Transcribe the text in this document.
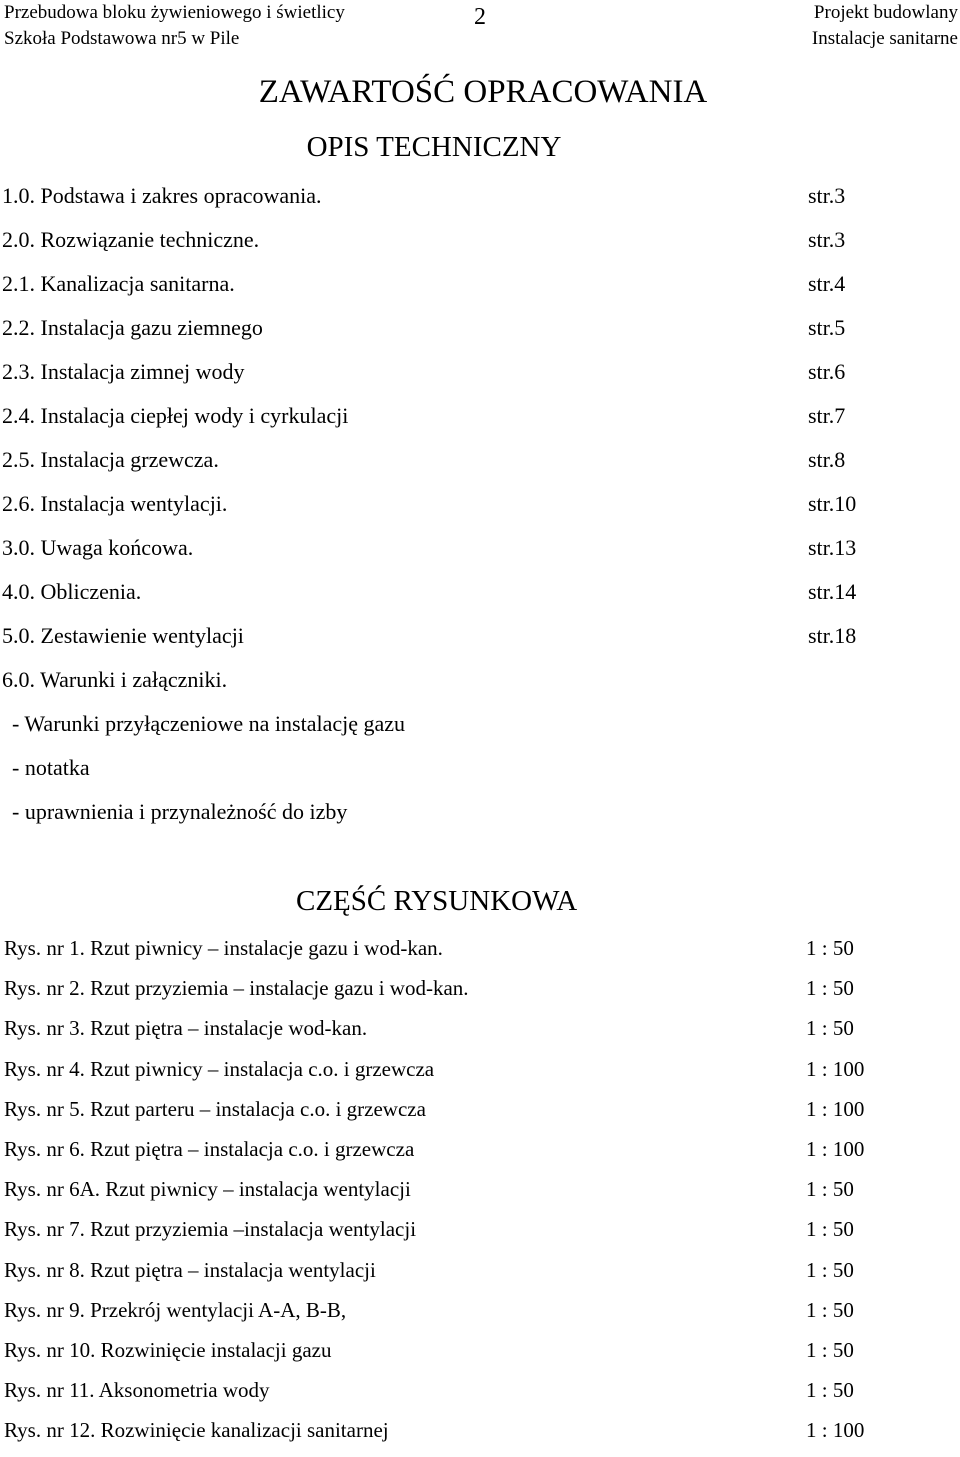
Przebudowa bloku żywieniowego i świetlicy
Szkoła Podstawowa nr5 w Pile
2	Projekt budowlany
Instalacje sanitarne
ZAWARTOŚĆ OPRACOWANIA
OPIS TECHNICZNY
1.0. Podstawa i zakres opracowania.	str.3
2.0. Rozwiązanie techniczne.	str.3
2.1. Kanalizacja sanitarna.	str.4
2.2. Instalacja gazu ziemnego	str.5
2.3. Instalacja zimnej wody	str.6
2.4. Instalacja ciepłej wody i cyrkulacji	str.7
2.5. Instalacja grzewcza.	str.8
2.6. Instalacja wentylacji.	str.10
3.0. Uwaga końcowa.	str.13
4.0. Obliczenia.	str.14
5.0. Zestawienie wentylacji	str.18
6.0. Warunki i załączniki.
- Warunki przyłączeniowe na instalację gazu
- notatka
- uprawnienia i przynależność do izby
CZĘŚĆ RYSUNKOWA
Rys. nr 1. Rzut piwnicy – instalacje gazu i wod-kan.	1 : 50
Rys. nr 2. Rzut przyziemia – instalacje gazu i wod-kan.	1 : 50
Rys. nr 3. Rzut piętra – instalacje wod-kan.	1 : 50
Rys. nr 4. Rzut piwnicy – instalacja c.o. i grzewcza	1 : 100
Rys. nr 5. Rzut parteru – instalacja c.o. i grzewcza	1 : 100
Rys. nr 6. Rzut piętra – instalacja c.o. i grzewcza	1 : 100
Rys. nr 6A. Rzut piwnicy – instalacja wentylacji	1 : 50
Rys. nr 7. Rzut przyziemia –instalacja wentylacji	1 : 50
Rys. nr 8. Rzut piętra – instalacja wentylacji	1 : 50
Rys. nr 9. Przekrój wentylacji A-A, B-B,	1 : 50
Rys. nr 10. Rozwinięcie instalacji gazu	1 : 50
Rys. nr 11. Aksonometria wody	1 : 50
Rys. nr 12. Rozwinięcie kanalizacji sanitarnej	1 : 100
